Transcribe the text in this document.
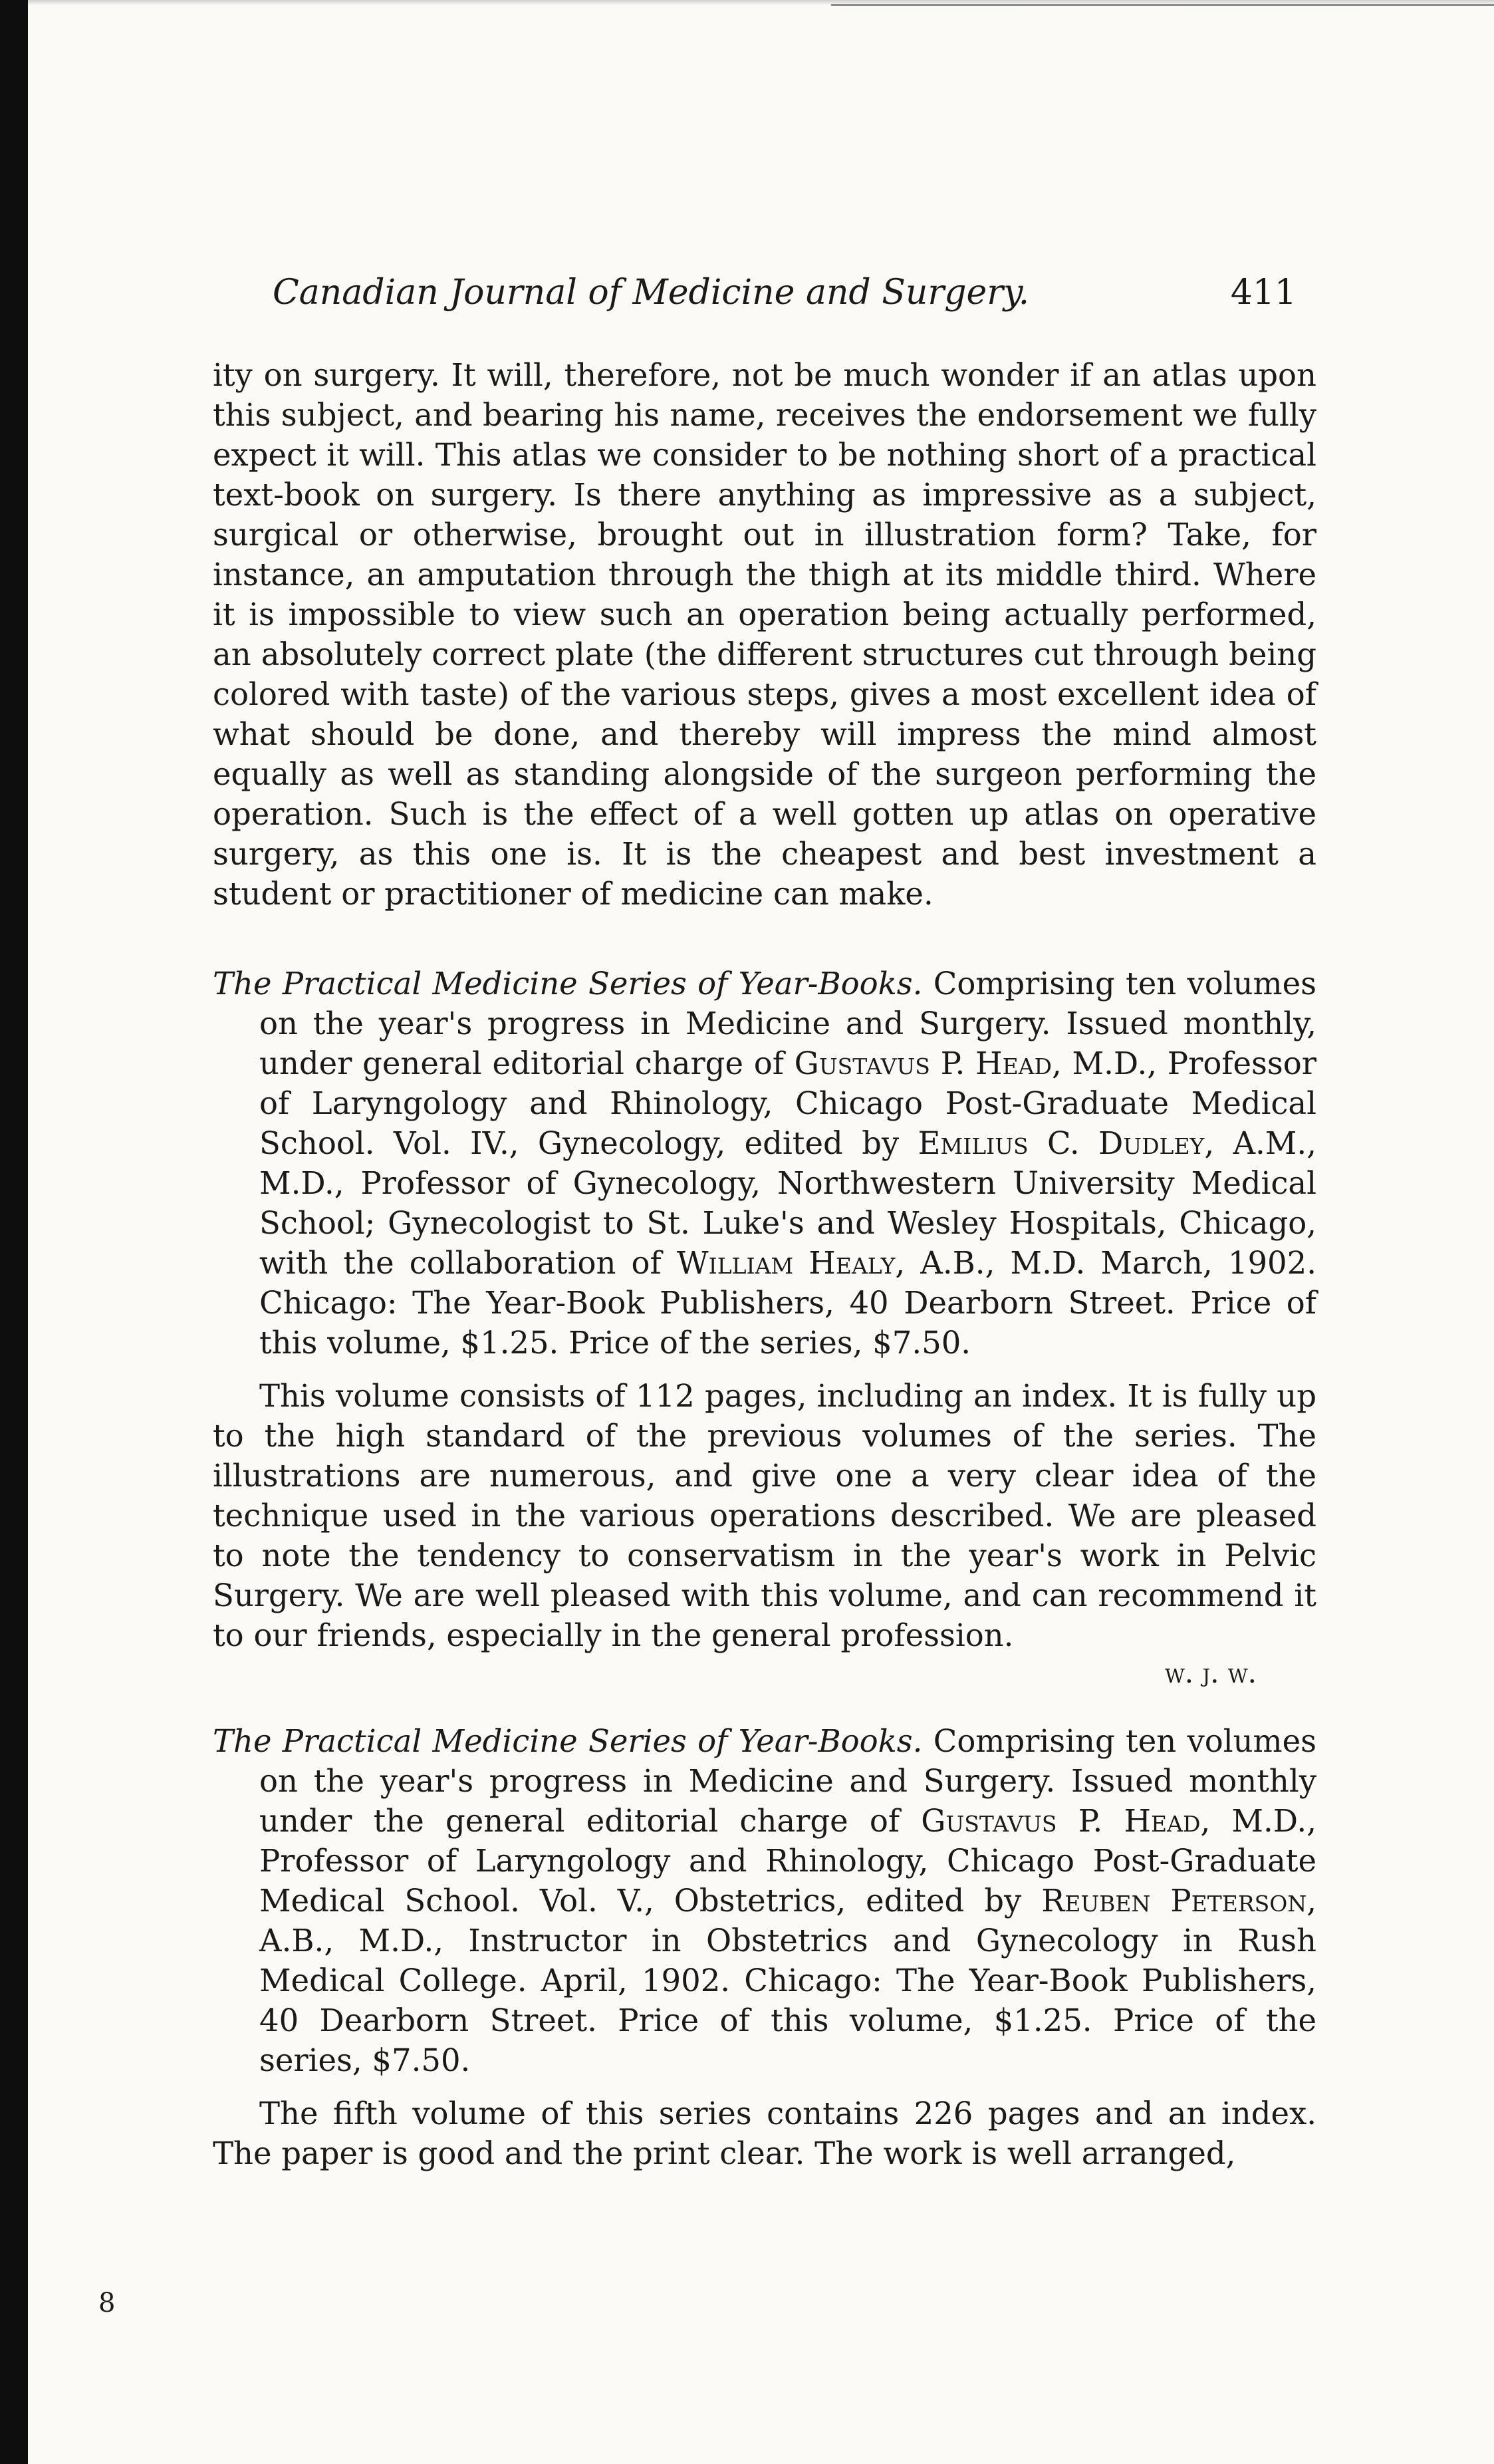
Canadian Journal of Medicine and Surgery.	411

ity on surgery. It will, therefore, not be much wonder if an atlas upon this subject, and bearing his name, receives the endorsement we fully expect it will. This atlas we consider to be nothing short of a practical text-book on surgery. Is there anything as impressive as a subject, surgical or otherwise, brought out in illustration form? Take, for instance, an amputation through the thigh at its middle third. Where it is impossible to view such an operation being actually performed, an absolutely correct plate (the different structures cut through being colored with taste) of the various steps, gives a most excellent idea of what should be done, and thereby will impress the mind almost equally as well as standing alongside of the surgeon performing the operation. Such is the effect of a well gotten up atlas on operative surgery, as this one is. It is the cheapest and best investment a student or practitioner of medicine can make.

The Practical Medicine Series of Year-Books. Comprising ten volumes on the year's progress in Medicine and Surgery. Issued monthly, under general editorial charge of Gustavus P. Head, M.D., Professor of Laryngology and Rhinology, Chicago Post-Graduate Medical School. Vol. IV., Gynecology, edited by Emilius C. Dudley, A.M., M.D., Professor of Gynecology, Northwestern University Medical School; Gynecologist to St. Luke's and Wesley Hospitals, Chicago, with the collaboration of William Healy, A.B., M.D. March, 1902. Chicago: The Year-Book Publishers, 40 Dearborn Street. Price of this volume, $1.25. Price of the series, $7.50.

This volume consists of 112 pages, including an index. It is fully up to the high standard of the previous volumes of the series. The illustrations are numerous, and give one a very clear idea of the technique used in the various operations described. We are pleased to note the tendency to conservatism in the year's work in Pelvic Surgery. We are well pleased with this volume, and can recommend it to our friends, especially in the general profession.

w. j. w.
The Practical Medicine Series of Year-Books. Comprising ten volumes on the year's progress in Medicine and Surgery. Issued monthly under the general editorial charge of Gustavus P. Head, M.D., Professor of Laryngology and Rhinology, Chicago Post-Graduate Medical School. Vol. V., Obstetrics, edited by Reuben Peterson, A.B., M.D., Instructor in Obstetrics and Gynecology in Rush Medical College. April, 1902. Chicago: The Year-Book Publishers, 40 Dearborn Street. Price of this volume, $1.25. Price of the series, $7.50.

The fifth volume of this series contains 226 pages and an index. The paper is good and the print clear. The work is well arranged,

8
